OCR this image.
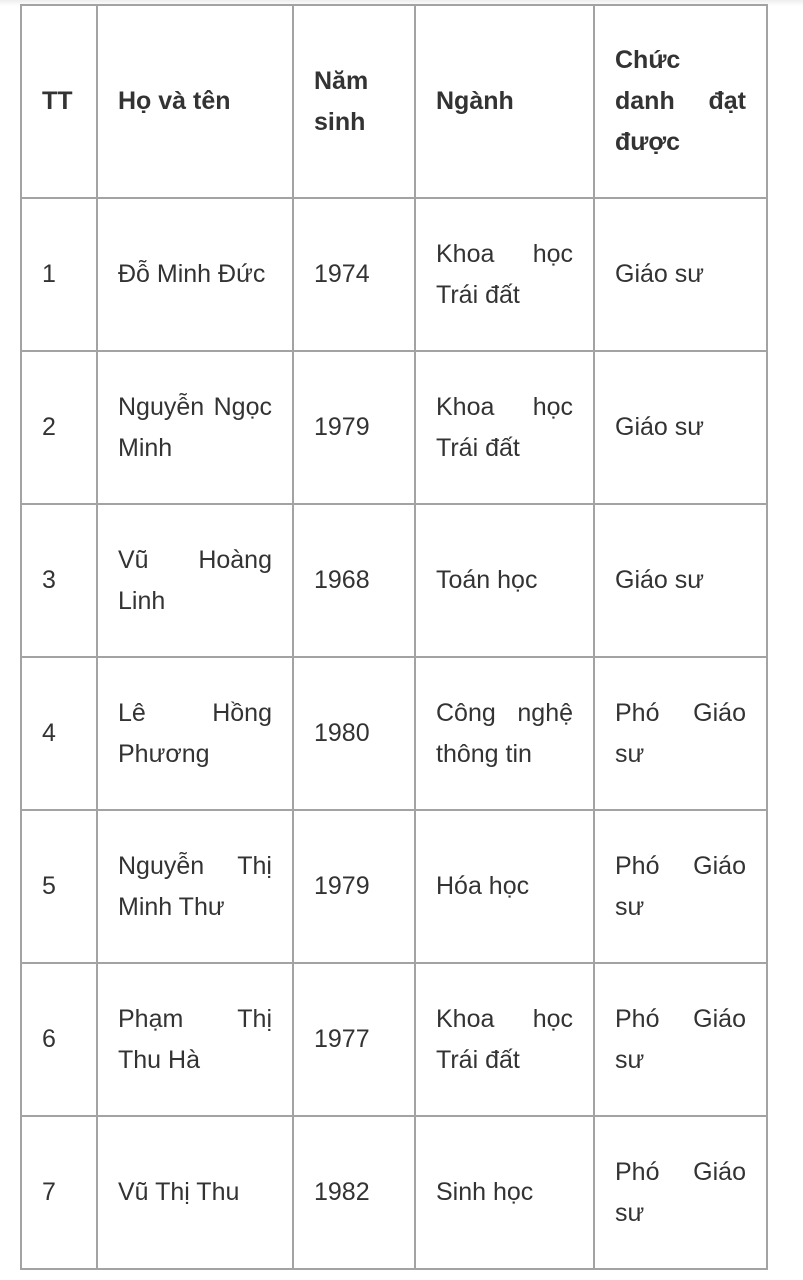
TT	Họ và tên	Năm sinh	Ngành	Chức danh đạt được
1	Đỗ Minh Đức	1974	Khoa học Trái đất	Giáo sư
2	Nguyễn Ngọc Minh	1979	Khoa học Trái đất	Giáo sư
3	Vũ Hoàng Linh	1968	Toán học	Giáo sư
4	Lê Hồng Phương	1980	Công nghệ thông tin	Phó Giáo sư
5	Nguyễn Thị Minh Thư	1979	Hóa học	Phó Giáo sư
6	Phạm Thị Thu Hà	1977	Khoa học Trái đất	Phó Giáo sư
7	Vũ Thị Thu	1982	Sinh học	Phó Giáo sư
